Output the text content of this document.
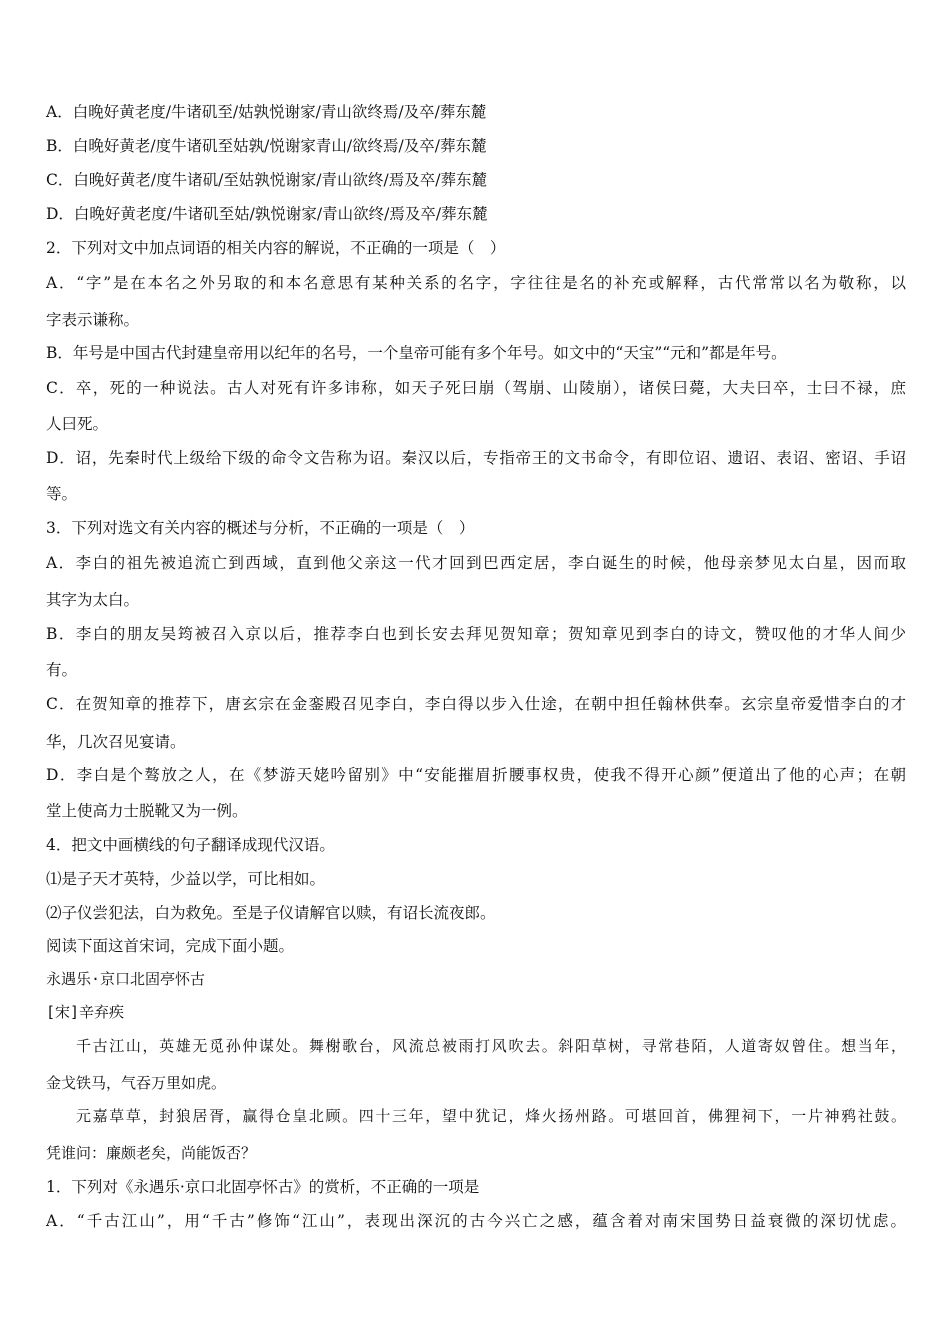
A．白晚好黄老度/牛诸矶至/姑孰悦谢家/青山欲终焉/及卒/葬东麓
B．白晚好黄老/度牛诸矶至姑孰/悦谢家青山/欲终焉/及卒/葬东麓
C．白晚好黄老/度牛诸矶/至姑孰悦谢家/青山欲终/焉及卒/葬东麓
D．白晚好黄老度/牛诸矶至姑/孰悦谢家/青山欲终/焉及卒/葬东麓
2．下列对文中加点词语的相关内容的解说，不正确的一项是（　）
A．“字”是在本名之外另取的和本名意思有某种关系的名字，字往往是名的补充或解释，古代常常以名为敬称，以
字表示谦称。
B．年号是中国古代封建皇帝用以纪年的名号，一个皇帝可能有多个年号。如文中的“天宝”“元和”都是年号。
C．卒，死的一种说法。古人对死有许多讳称，如天子死曰崩（驾崩、山陵崩），诸侯曰薨，大夫曰卒，士曰不禄，庶
人曰死。
D．诏，先秦时代上级给下级的命令文告称为诏。秦汉以后，专指帝王的文书命令，有即位诏、遗诏、表诏、密诏、手诏
等。
3．下列对选文有关内容的概述与分析，不正确的一项是（　）
A．李白的祖先被追流亡到西域，直到他父亲这一代才回到巴西定居，李白诞生的时候，他母亲梦见太白星，因而取
其字为太白。
B．李白的朋友吴筠被召入京以后，推荐李白也到长安去拜见贺知章；贺知章见到李白的诗文，赞叹他的才华人间少
有。
C．在贺知章的推荐下，唐玄宗在金銮殿召见李白，李白得以步入仕途，在朝中担任翰林供奉。玄宗皇帝爱惜李白的才
华，几次召见宴请。
D．李白是个骜放之人，在《梦游天姥吟留别》中“安能摧眉折腰事权贵，使我不得开心颜”便道出了他的心声；在朝
堂上使高力士脱靴又为一例。
4．把文中画横线的句子翻译成现代汉语。
⑴是子天才英特，少益以学，可比相如。
⑵子仪尝犯法，白为救免。至是子仪请解官以赎，有诏长流夜郎。
阅读下面这首宋词，完成下面小题。
永遇乐·京口北固亭怀古
[宋]辛弃疾
千古江山，英雄无觅孙仲谋处。舞榭歌台，风流总被雨打风吹去。斜阳草树，寻常巷陌，人道寄奴曾住。想当年，
金戈铁马，气吞万里如虎。
元嘉草草，封狼居胥，赢得仓皇北顾。四十三年，望中犹记，烽火扬州路。可堪回首，佛狸祠下，一片神鸦社鼓。
凭谁问：廉颇老矣，尚能饭否？
1．下列对《永遇乐·京口北固亭怀古》的赏析，不正确的一项是
A．“千古江山”，用“千古”修饰“江山”，表现出深沉的古今兴亡之感，蕴含着对南宋国势日益衰微的深切忧虑。
